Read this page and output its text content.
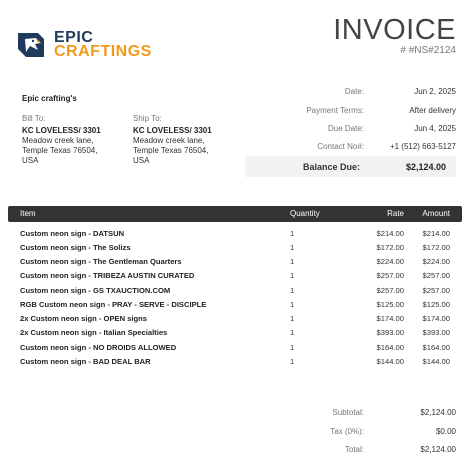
EPIC
CRAFTINGS
INVOICE
# #NS#2124
Epic crafting's
Bill To:
KC LOVELESS/ 3301
Meadow creek lane,
Temple Texas 76504,
USA
Ship To:
KC LOVELESS/ 3301
Meadow creek lane,
Temple Texas 76504,
USA
Date:	Jun 2, 2025
Payment Terms:	After delivery
Due Date:	Jun 4, 2025
Contact No#:	+1 (512) 663-5127
Balance Due:	$2,124.00
Item	Quantity	Rate Amount
Custom neon sign - DATSUN	1	$214.00 $214.00
Custom neon sign - The Solizs	1	$172.00 $172.00
Custom neon sign - The Gentleman Quarters	1	$224.00 $224.00
Custom neon sign - TRIBEZA AUSTIN CURATED	1	$257.00 $257.00
Custom neon sign - GS TXAUCTION.COM	1	$257.00 $257.00
RGB Custom neon sign - PRAY - SERVE - DISCIPLE	1	$125.00 $125.00
2x Custom neon sign - OPEN signs	1	$174.00 $174.00
2x Custom neon sign - Italian Specialties	1	$393.00 $393.00
Custom neon sign - NO DROIDS ALLOWED	1	$164.00 $164.00
Custom neon sign - BAD DEAL BAR	1	$144.00 $144.00
Subtotal:	$2,124.00
Tax (0%):	$0.00
Total:	$2,124.00
